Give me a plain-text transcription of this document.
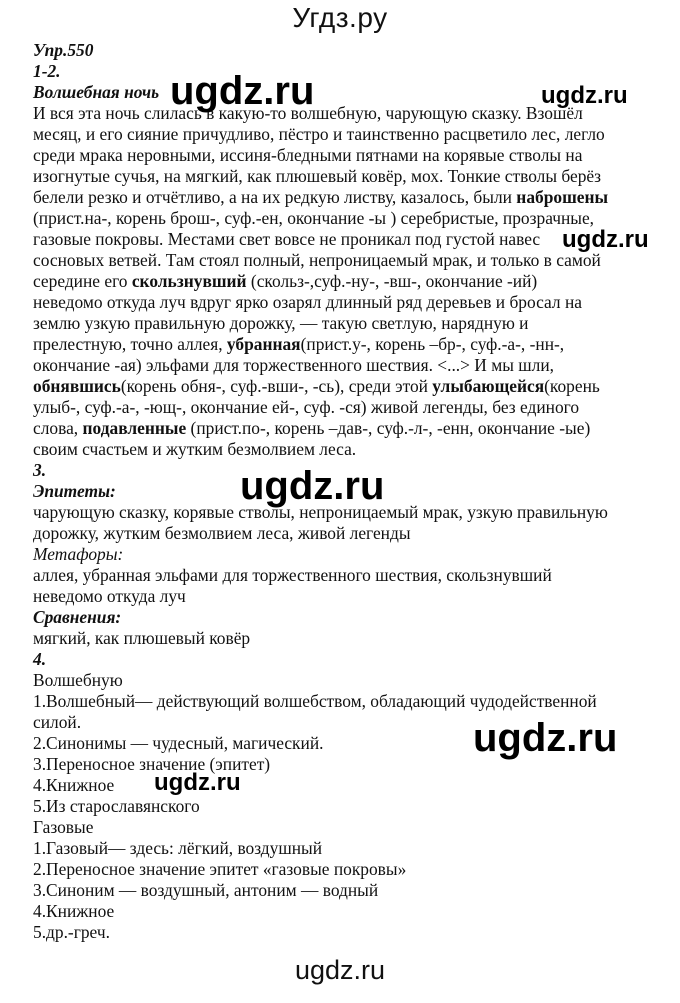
Угдз.ру
Упр.550
1-2.
Волшебная ночь
И вся эта ночь слилась в какую-то волшебную, чарующую сказку. Взошёл
месяц, и его сияние причудливо, пёстро и таинственно расцветило лес, легло
среди мрака неровными, иссиня-бледными пятнами на корявые стволы на
изогнутые сучья, на мягкий, как плюшевый ковёр, мох. Тонкие стволы берёз
белели резко и отчётливо, а на их редкую листву, казалось, были наброшены
(прист.на-, корень брош-, суф.-ен, окончание -ы ) серебристые, прозрачные,
газовые покровы. Местами свет вовсе не проникал под густой навес
сосновых ветвей. Там стоял полный, непроницаемый мрак, и только в самой
середине его скользнувший (скольз-,суф.-ну-, -вш-, окончание -ий)
неведомо откуда луч вдруг ярко озарял длинный ряд деревьев и бросал на
землю узкую правильную дорожку, — такую светлую, нарядную и
прелестную, точно аллея, убранная(прист.у-, корень –бр-, суф.-а-, -нн-,
окончание -ая) эльфами для торжественного шествия. <...> И мы шли,
обнявшись(корень обня-, суф.-вши-, -сь), среди этой улыбающейся(корень
улыб-, суф.-а-, -ющ-, окончание ей-, суф. -ся) живой легенды, без единого
слова, подавленные (прист.по-, корень –дав-, суф.-л-, -енн, окончание -ые)
своим счастьем и жутким безмолвием леса.
3.
Эпитеты:
чарующую сказку, корявые стволы, непроницаемый мрак, узкую правильную
дорожку, жутким безмолвием леса, живой легенды
Метафоры:
аллея, убранная эльфами для торжественного шествия, скользнувший
неведомо откуда луч
Сравнения:
мягкий, как плюшевый ковёр
4.
Волшебную
1.Волшебный— действующий волшебством, обладающий чудодейственной
силой.
2.Синонимы — чудесный, магический.
3.Переносное значение (эпитет)
4.Книжное
5.Из старославянского
Газовые
1.Газовый— здесь: лёгкий, воздушный
2.Переносное значение эпитет «газовые покровы»
3.Синоним — воздушный, антоним — водный
4.Книжное
5.др.-греч.
ugdz.ru	ugdz.ru
ugdz.ru
ugdz.ru
ugdz.ru
ugdz.ru
ugdz.ru
